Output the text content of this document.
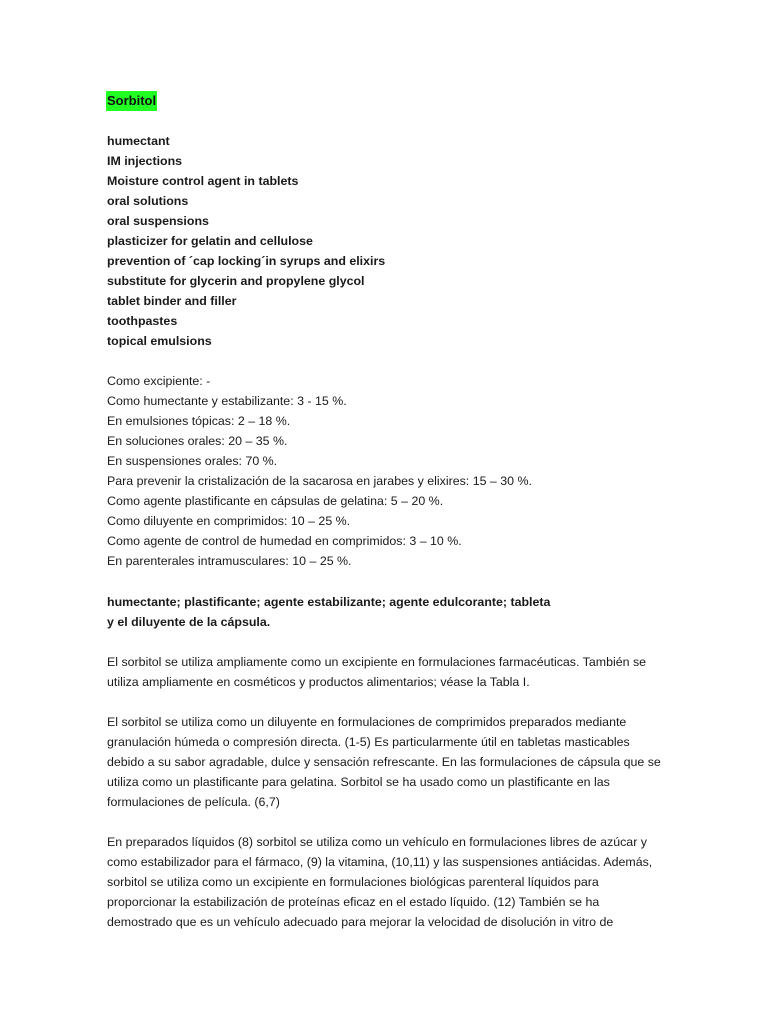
Sorbitol
humectant
IM injections
Moisture control agent in tablets
oral solutions
oral suspensions
plasticizer for gelatin and cellulose
prevention of ´cap locking´in syrups and elixirs
substitute for glycerin and propylene glycol
tablet binder and filler
toothpastes
topical emulsions
Como excipiente: -
Como humectante y estabilizante: 3 - 15 %.
En emulsiones tópicas: 2 – 18 %.
En soluciones orales: 20 – 35 %.
En suspensiones orales: 70 %.
Para prevenir la cristalización de la sacarosa en jarabes y elixires: 15 – 30 %.
Como agente plastificante en cápsulas de gelatina: 5 – 20 %.
Como diluyente en comprimidos: 10 – 25 %.
Como agente de control de humedad en comprimidos: 3 – 10 %.
En parenterales intramusculares: 10 – 25 %.
humectante; plastificante; agente estabilizante; agente edulcorante; tableta
y el diluyente de la cápsula.
El sorbitol se utiliza ampliamente como un excipiente en formulaciones farmacéuticas. También se
utiliza ampliamente en cosméticos y productos alimentarios; véase la Tabla I.
El sorbitol se utiliza como un diluyente en formulaciones de comprimidos preparados mediante
granulación húmeda o compresión directa. (1-5) Es particularmente útil en tabletas masticables
debido a su sabor agradable, dulce y sensación refrescante. En las formulaciones de cápsula que se
utiliza como un plastificante para gelatina. Sorbitol se ha usado como un plastificante en las
formulaciones de película. (6,7)
En preparados líquidos (8) sorbitol se utiliza como un vehículo en formulaciones libres de azúcar y
como estabilizador para el fármaco, (9) la vitamina, (10,11) y las suspensiones antiácidas. Además,
sorbitol se utiliza como un excipiente en formulaciones biológicas parenteral líquidos para
proporcionar la estabilización de proteínas eficaz en el estado líquido. (12) También se ha
demostrado que es un vehículo adecuado para mejorar la velocidad de disolución in vitro de
